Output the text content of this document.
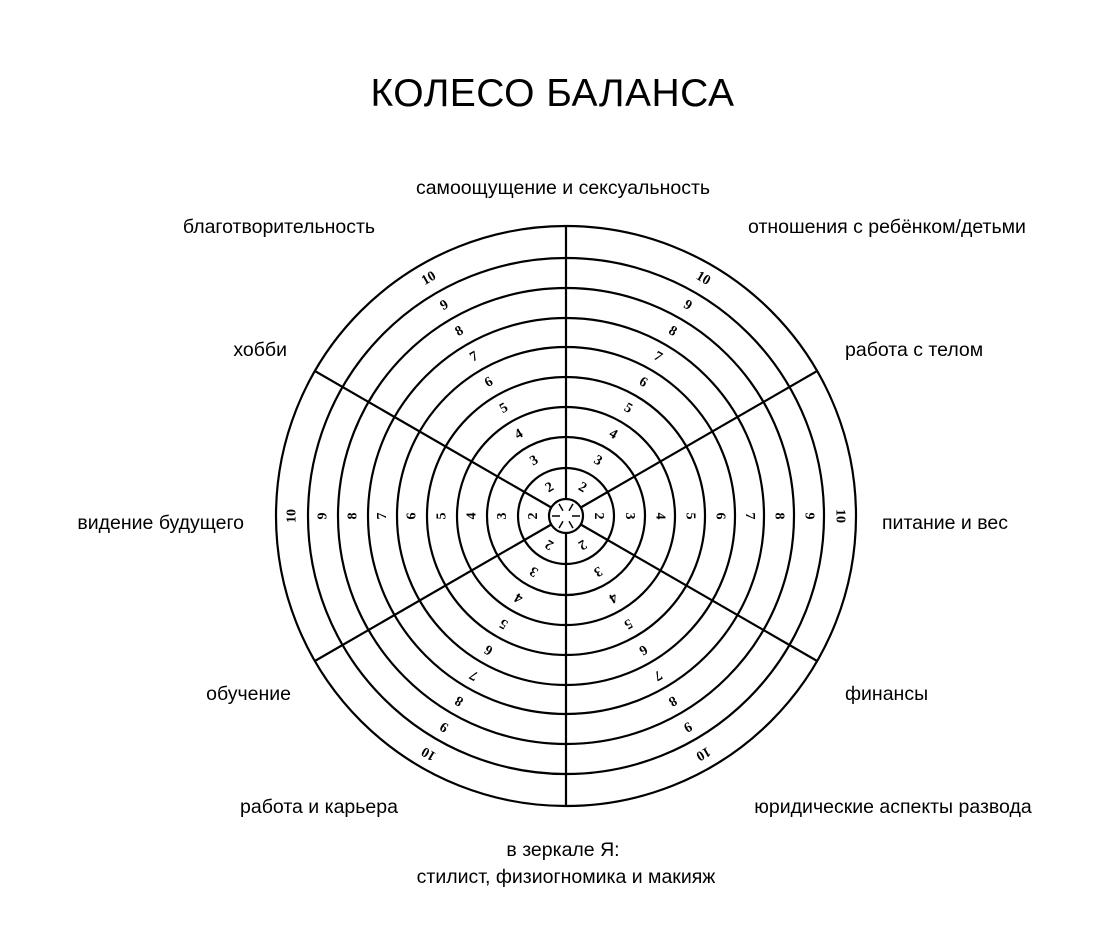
КОЛЕСО БАЛАНСА
2
3
4
5
6
7
8
9
10
2 3 4 5 6 7 8 9 10
2
3
4
5
6
7
8
9
10
2
3
4
5
6
7
8
9
10
2
3
4
5
6
7
8
9
10
2
3
4
5
6
7
8
9
10
самоощущение и сексуальность
отношения с ребёнком/детьми
работа с телом
питание и вес
финансы
юридические аспекты развода
в зеркале Я:
стилист, физиогномика и макияж
работа и карьера
обучение
видение будущего
хобби
благотворительность
